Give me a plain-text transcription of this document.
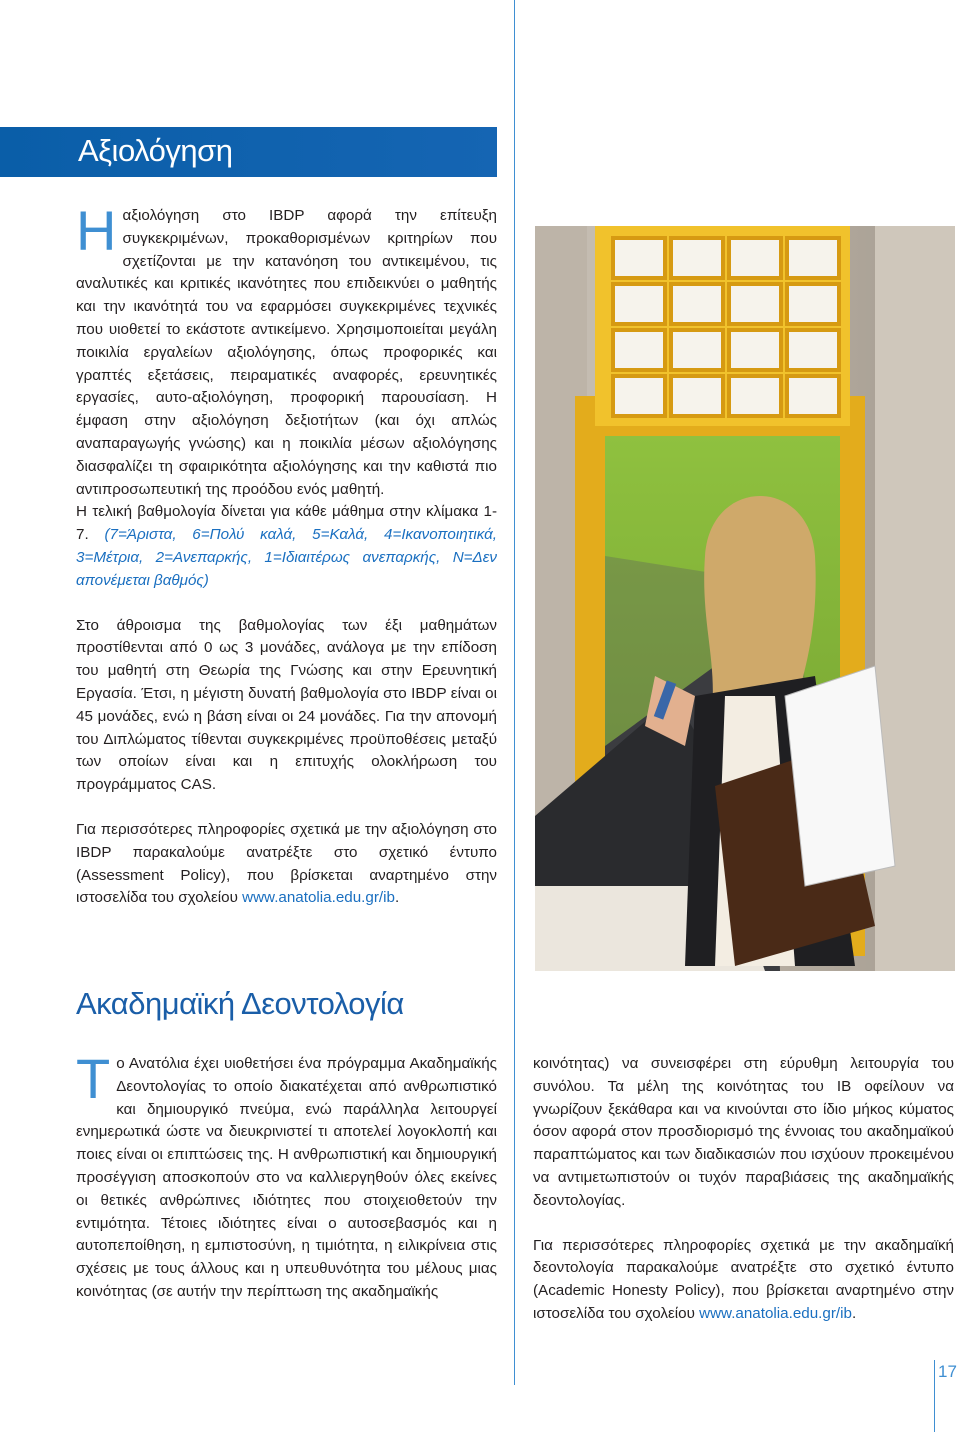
Αξιολόγηση

Ηαξιολόγηση στο IBDP αφορά την επίτευξη συγκεκριμένων, προκαθορισμένων κριτηρίων που σχετίζονται με την κατανόηση του αντικειμένου, τις αναλυτικές και κριτικές ικανότητες που επιδεικνύει ο μαθητής και την ικανότητά του να εφαρμόσει συγκεκριμένες τεχνικές που υιοθετεί το εκάστοτε αντικείμενο. Χρησιμοποιείται μεγάλη ποικιλία εργαλείων αξιολόγησης, όπως προφορικές και γραπτές εξετάσεις, πειραματικές αναφορές, ερευνητικές εργασίες, αυτο-αξιολόγηση, προφορική παρουσίαση. Η έμφαση στην αξιολόγηση δεξιοτήτων (και όχι απλώς αναπαραγωγής γνώσης) και η ποικιλία μέσων αξιολόγησης διασφαλίζει τη σφαιρικότητα αξιολόγησης και την καθιστά πιο αντιπροσωπευτική της προόδου ενός μαθητή.

Η τελική βαθμολογία δίνεται για κάθε μάθημα στην κλίμακα 1-7. (7=Άριστα, 6=Πολύ καλά, 5=Καλά, 4=Ικανοποιητικά, 3=Μέτρια, 2=Ανεπαρκής, 1=Ιδιαιτέρως ανεπαρκής, Ν=Δεν απονέμεται βαθμός)

Στο άθροισμα της βαθμολογίας των έξι μαθημάτων προστίθενται από 0 ως 3 μονάδες, ανάλογα με την επίδοση του μαθητή στη Θεωρία της Γνώσης και στην Ερευνητική Εργασία. Έτσι, η μέγιστη δυνατή βαθμολογία στο IBDP είναι οι 45 μονάδες, ενώ η βάση είναι οι 24 μονάδες. Για την απονομή του Διπλώματος τίθενται συγκεκριμένες προϋποθέσεις μεταξύ των οποίων είναι και η επιτυχής ολοκλήρωση του προγράμματος CAS.

Για περισσότερες πληροφορίες σχετικά με την αξιολόγηση στο IBDP παρακαλούμε ανατρέξτε στο σχετικό έντυπο (Assessment Policy), που βρίσκεται αναρτημένο στην ιστοσελίδα του σχολείου www.anatolia.edu.gr/ib.

Ακαδημαϊκή Δεοντολογία

Το Ανατόλια έχει υιοθετήσει ένα πρόγραμμα Ακαδημαϊκής Δεοντολογίας το οποίο διακατέχεται από ανθρωπιστικό και δημιουργικό πνεύμα, ενώ παράλληλα λειτουργεί ενημερωτικά ώστε να διευκρινιστεί τι αποτελεί λογοκλοπή και ποιες είναι οι επιπτώσεις της. Η ανθρωπιστική και δημιουργική προσέγγιση αποσκοπούν στο να καλλιεργηθούν όλες εκείνες οι θετικές ανθρώπινες ιδιότητες που στοιχειοθετούν την εντιμότητα. Τέτοιες ιδιότητες είναι ο αυτοσεβασμός και η αυτοπεποίθηση, η εμπιστοσύνη, η τιμιότητα, η ειλικρίνεια στις σχέσεις με τους άλλους και η υπευθυνότητα του μέλους μιας κοινότητας (σε αυτήν την περίπτωση της ακαδημαϊκής

κοινότητας) να συνεισφέρει στη εύρυθμη λειτουργία του συνόλου. Τα μέλη της κοινότητας του ΙΒ οφείλουν να γνωρίζουν ξεκάθαρα και να κινούνται στο ίδιο μήκος κύματος όσον αφορά στον προσδιορισμό της έννοιας του ακαδημαϊκού παραπτώματος και των διαδικασιών που ισχύουν προκειμένου να αντιμετωπιστούν οι τυχόν παραβιάσεις της ακαδημαϊκής δεοντολογίας.

Για περισσότερες πληροφορίες σχετικά με την ακαδημαϊκή δεοντολογία παρακαλούμε ανατρέξτε στο σχετικό έντυπο (Academic Honesty Policy), που βρίσκεται αναρτημένο στην ιστοσελίδα του σχολείου www.anatolia.edu.gr/ib.

17
